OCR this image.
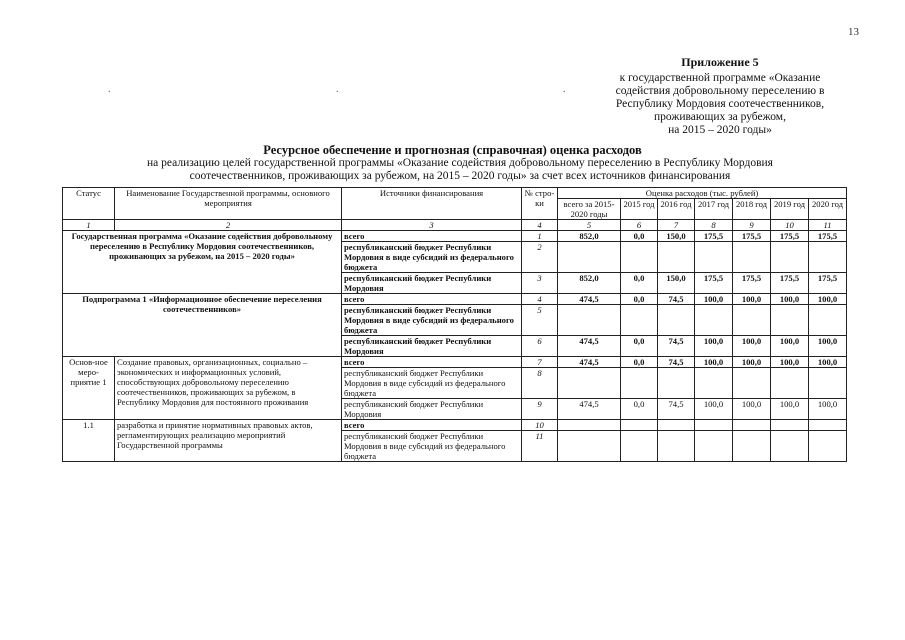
13
.	.	.
Приложение 5
к государственной программе «Оказание
содействия добровольному переселению в
Республику Мордовия соотечественников,
проживающих за рубежом,
на 2015 – 2020 годы»
Ресурсное обеспечение и прогнозная (справочная) оценка расходов
на реализацию целей государственной программы «Оказание содействия добровольному переселению в Республику Мордовия
соотечественников, проживающих за рубежом, на 2015 – 2020 годы» за счет всех источников финансирования
Статус	Наименование Государственной программы, основного мероприятия	Источники финансирования	№ стро-ки	Оценка расходов (тыс. рублей)						
				всего за 2015-2020 годы	2015 год	2016 год	2017 год	2018 год	2019 год	2020 год
1	2	3	4	5	6	7	8	9	10	11
Государственная программа «Оказание содействия добровольному переселению в Республику Мордовия соотечественников, проживающих за рубежом, на 2015 – 2020 годы»		всего	1	852,0	0,0	150,0	175,5	175,5	175,5	175,5
		республиканский бюджет Республики Мордовия в виде субсидий из федерального бюджета	2							
		республиканский бюджет Республики Мордовия	3	852,0	0,0	150,0	175,5	175,5	175,5	175,5
Подпрограмма 1 «Информационное обеспечение переселения соотечественников»		всего	4	474,5	0,0	74,5	100,0	100,0	100,0	100,0
		республиканский бюджет Республики Мордовия в виде субсидий из федерального бюджета	5							
		республиканский бюджет Республики Мордовия	6	474,5	0,0	74,5	100,0	100,0	100,0	100,0
Основ-ное меро-приятие 1	Создание правовых, организационных, социально – экономических и информационных условий, способствующих добровольному переселению соотечественников, проживающих за рубежом, в Республику Мордовия для постоянного проживания	всего	7	474,5	0,0	74,5	100,0	100,0	100,0	100,0
		республиканский бюджет Республики Мордовия в виде субсидий из федерального бюджета	8							
		республиканский бюджет Республики Мордовия	9	474,5	0,0	74,5	100,0	100,0	100,0	100,0
1.1	разработка и принятие нормативных правовых актов, регламентирующих реализацию мероприятий Государственной программы	всего	10							
		республиканский бюджет Республики Мордовия в виде субсидий из федерального бюджета	11							
